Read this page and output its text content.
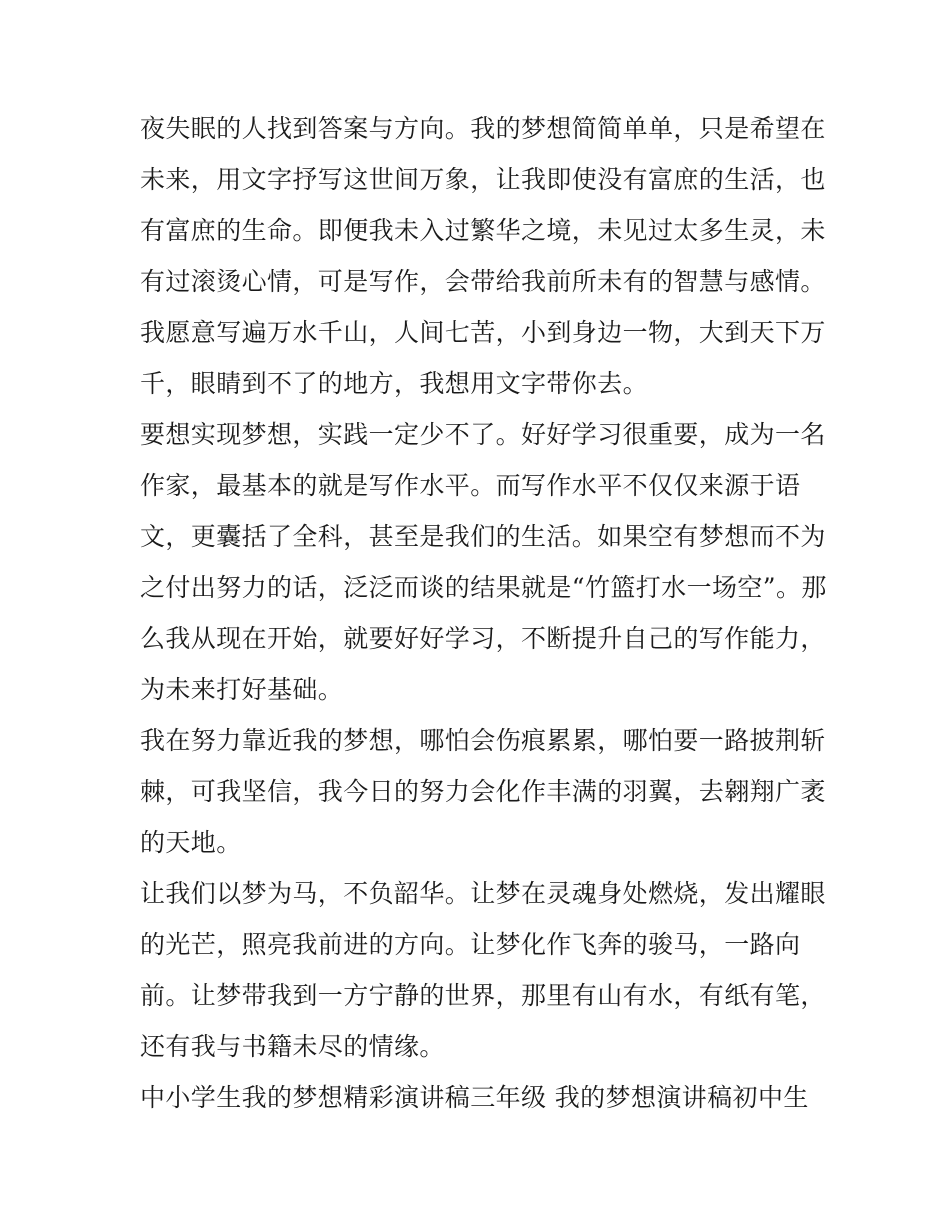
夜失眠的人找到答案与方向。我的梦想简简单单，只是希望在
未来，用文字抒写这世间万象，让我即使没有富庶的生活，也
有富庶的生命。即便我未入过繁华之境，未见过太多生灵，未
有过滚烫心情，可是写作，会带给我前所未有的智慧与感情。
我愿意写遍万水千山，人间七苦，小到身边一物，大到天下万
千，眼睛到不了的地方，我想用文字带你去。
要想实现梦想，实践一定少不了。好好学习很重要，成为一名
作家，最基本的就是写作水平。而写作水平不仅仅来源于语
文，更囊括了全科，甚至是我们的生活。如果空有梦想而不为
之付出努力的话，泛泛而谈的结果就是“竹篮打水一场空”。那
么我从现在开始，就要好好学习，不断提升自己的写作能力，
为未来打好基础。
我在努力靠近我的梦想，哪怕会伤痕累累，哪怕要一路披荆斩
棘，可我坚信，我今日的努力会化作丰满的羽翼，去翱翔广袤
的天地。
让我们以梦为马，不负韶华。让梦在灵魂身处燃烧，发出耀眼
的光芒，照亮我前进的方向。让梦化作飞奔的骏马，一路向
前。让梦带我到一方宁静的世界，那里有山有水，有纸有笔，
还有我与书籍未尽的情缘。
中小学生我的梦想精彩演讲稿三年级 我的梦想演讲稿初中生
